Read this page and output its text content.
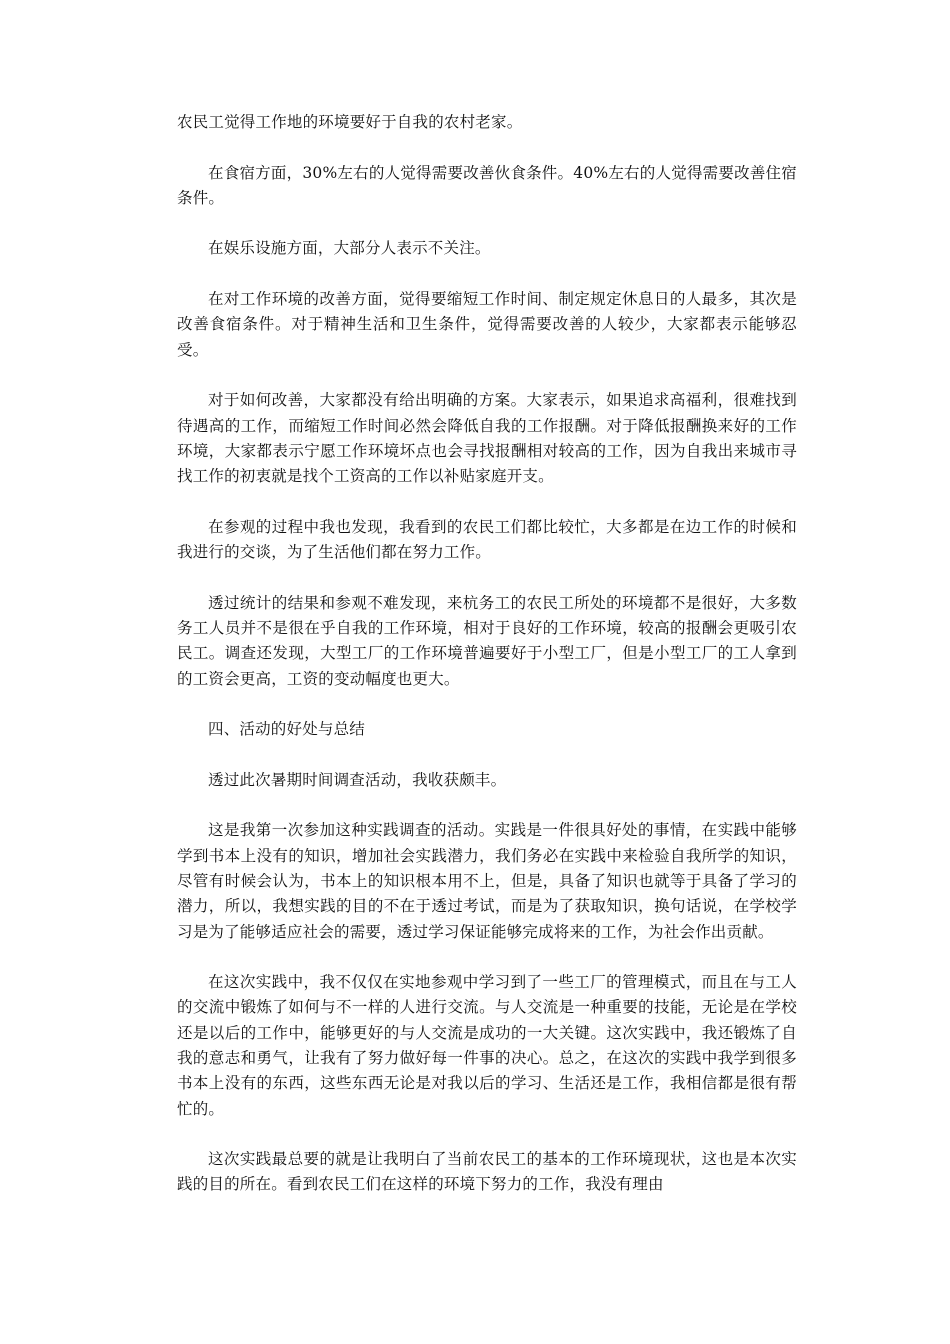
农民工觉得工作地的环境要好于自我的农村老家。

在食宿方面，30%左右的人觉得需要改善伙食条件。40%左右的人觉得需要改善住宿条件。

在娱乐设施方面，大部分人表示不关注。

在对工作环境的改善方面，觉得要缩短工作时间、制定规定休息日的人最多，其次是改善食宿条件。对于精神生活和卫生条件，觉得需要改善的人较少，大家都表示能够忍受。

对于如何改善，大家都没有给出明确的方案。大家表示，如果追求高福利，很难找到待遇高的工作，而缩短工作时间必然会降低自我的工作报酬。对于降低报酬换来好的工作环境，大家都表示宁愿工作环境坏点也会寻找报酬相对较高的工作，因为自我出来城市寻找工作的初衷就是找个工资高的工作以补贴家庭开支。

在参观的过程中我也发现，我看到的农民工们都比较忙，大多都是在边工作的时候和我进行的交谈，为了生活他们都在努力工作。

透过统计的结果和参观不难发现，来杭务工的农民工所处的环境都不是很好，大多数务工人员并不是很在乎自我的工作环境，相对于良好的工作环境，较高的报酬会更吸引农民工。调查还发现，大型工厂的工作环境普遍要好于小型工厂，但是小型工厂的工人拿到的工资会更高，工资的变动幅度也更大。

四、活动的好处与总结

透过此次暑期时间调查活动，我收获颇丰。

这是我第一次参加这种实践调查的活动。实践是一件很具好处的事情，在实践中能够学到书本上没有的知识，增加社会实践潜力，我们务必在实践中来检验自我所学的知识，尽管有时候会认为，书本上的知识根本用不上，但是，具备了知识也就等于具备了学习的潜力，所以，我想实践的目的不在于透过考试，而是为了获取知识，换句话说，在学校学习是为了能够适应社会的需要，透过学习保证能够完成将来的工作，为社会作出贡献。

在这次实践中，我不仅仅在实地参观中学习到了一些工厂的管理模式，而且在与工人的交流中锻炼了如何与不一样的人进行交流。与人交流是一种重要的技能，无论是在学校还是以后的工作中，能够更好的与人交流是成功的一大关键。这次实践中，我还锻炼了自我的意志和勇气，让我有了努力做好每一件事的决心。总之，在这次的实践中我学到很多书本上没有的东西，这些东西无论是对我以后的学习、生活还是工作，我相信都是很有帮忙的。

这次实践最总要的就是让我明白了当前农民工的基本的工作环境现状，这也是本次实践的目的所在。看到农民工们在这样的环境下努力的工作，我没有理由
